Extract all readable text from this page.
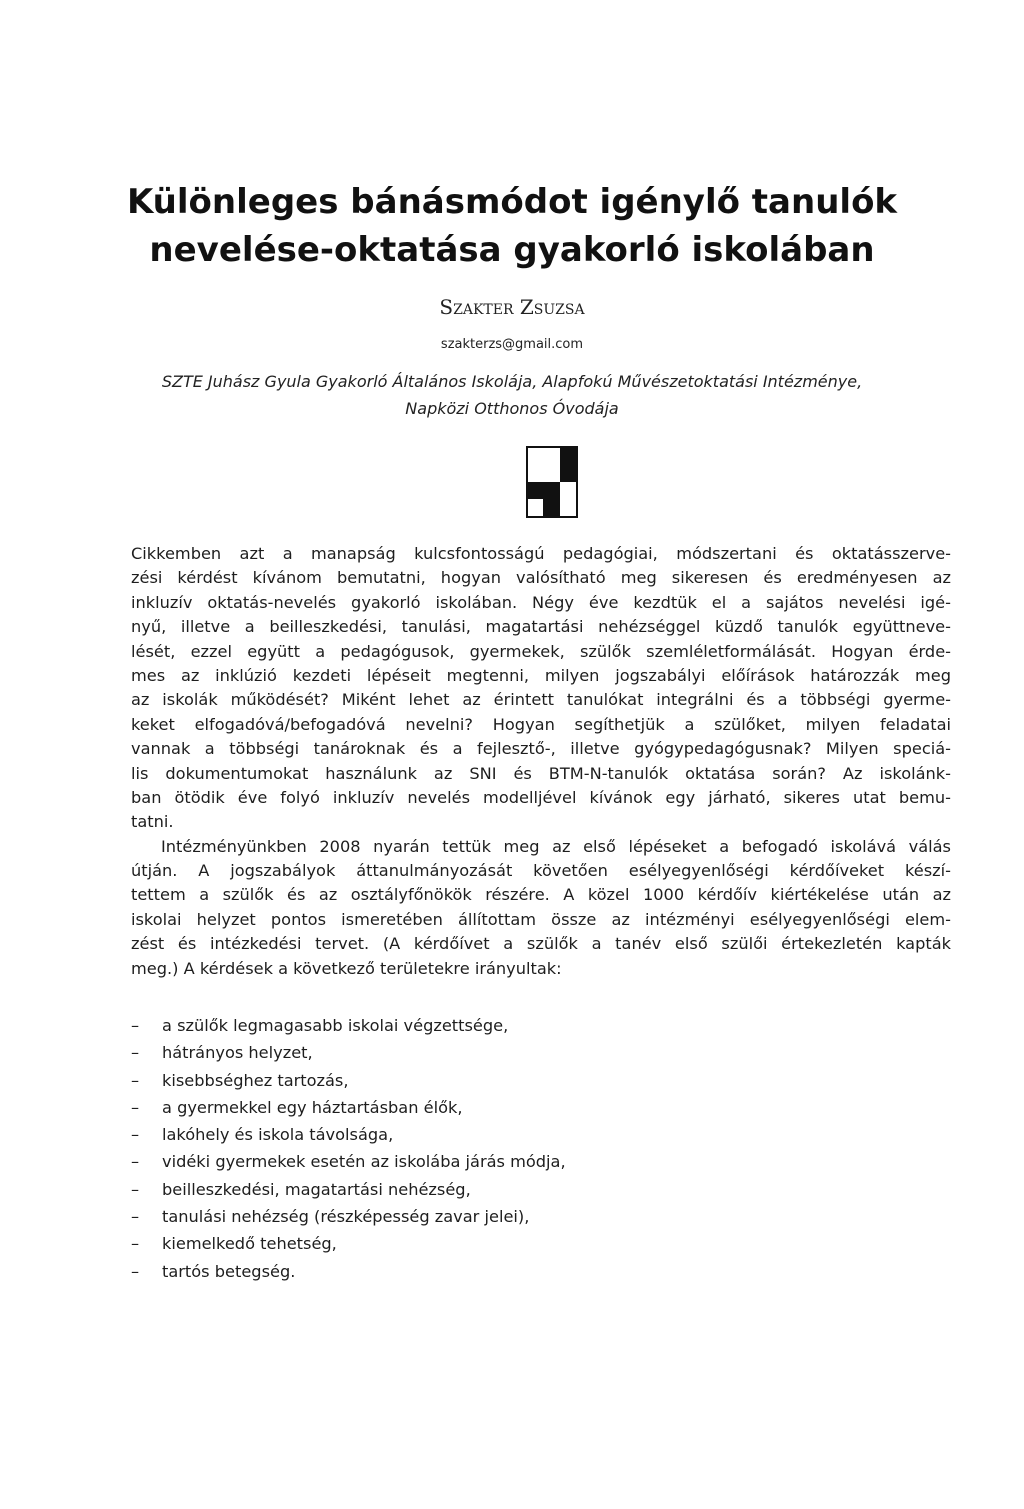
Különleges bánásmódot igénylő tanulók
nevelése-oktatása gyakorló iskolában
Szakter Zsuzsa
szakterzs@gmail.com
SZTE Juhász Gyula Gyakorló Általános Iskolája, Alapfokú Művészetoktatási Intézménye,
Napközi Otthonos Óvodája
Cikkemben azt a manapság kulcsfontosságú pedagógiai, módszertani és oktatásszerve-
zési kérdést kívánom bemutatni, hogyan valósítható meg sikeresen és eredményesen az
inkluzív oktatás-nevelés gyakorló iskolában. Négy éve kezdtük el a sajátos nevelési igé-
nyű, illetve a beilleszkedési, tanulási, magatartási nehézséggel küzdő tanulók együttneve-
lését, ezzel együtt a pedagógusok, gyermekek, szülők szemléletformálását. Hogyan érde-
mes az inklúzió kezdeti lépéseit megtenni, milyen jogszabályi előírások határozzák meg
az iskolák működését? Miként lehet az érintett tanulókat integrálni és a többségi gyerme-
keket elfogadóvá/befogadóvá nevelni? Hogyan segíthetjük a szülőket, milyen feladatai
vannak a többségi tanároknak és a fejlesztő-, illetve gyógypedagógusnak? Milyen speciá-
lis dokumentumokat használunk az SNI és BTM-N-tanulók oktatása során? Az iskolánk-
ban ötödik éve folyó inkluzív nevelés modelljével kívánok egy járható, sikeres utat bemu-
tatni.
Intézményünkben 2008 nyarán tettük meg az első lépéseket a befogadó iskolává válás
útján. A jogszabályok áttanulmányozását követően esélyegyenlőségi kérdőíveket készí-
tettem a szülők és az osztályfőnökök részére. A közel 1000 kérdőív kiértékelése után az
iskolai helyzet pontos ismeretében állítottam össze az intézményi esélyegyenlőségi elem-
zést és intézkedési tervet. (A kérdőívet a szülők a tanév első szülői értekezletén kapták
meg.) A kérdések a következő területekre irányultak:
– a szülők legmagasabb iskolai végzettsége,
– hátrányos helyzet,
– kisebbséghez tartozás,
– a gyermekkel egy háztartásban élők,
– lakóhely és iskola távolsága,
– vidéki gyermekek esetén az iskolába járás módja,
– beilleszkedési, magatartási nehézség,
– tanulási nehézség (részképesség zavar jelei),
– kiemelkedő tehetség,
– tartós betegség.
